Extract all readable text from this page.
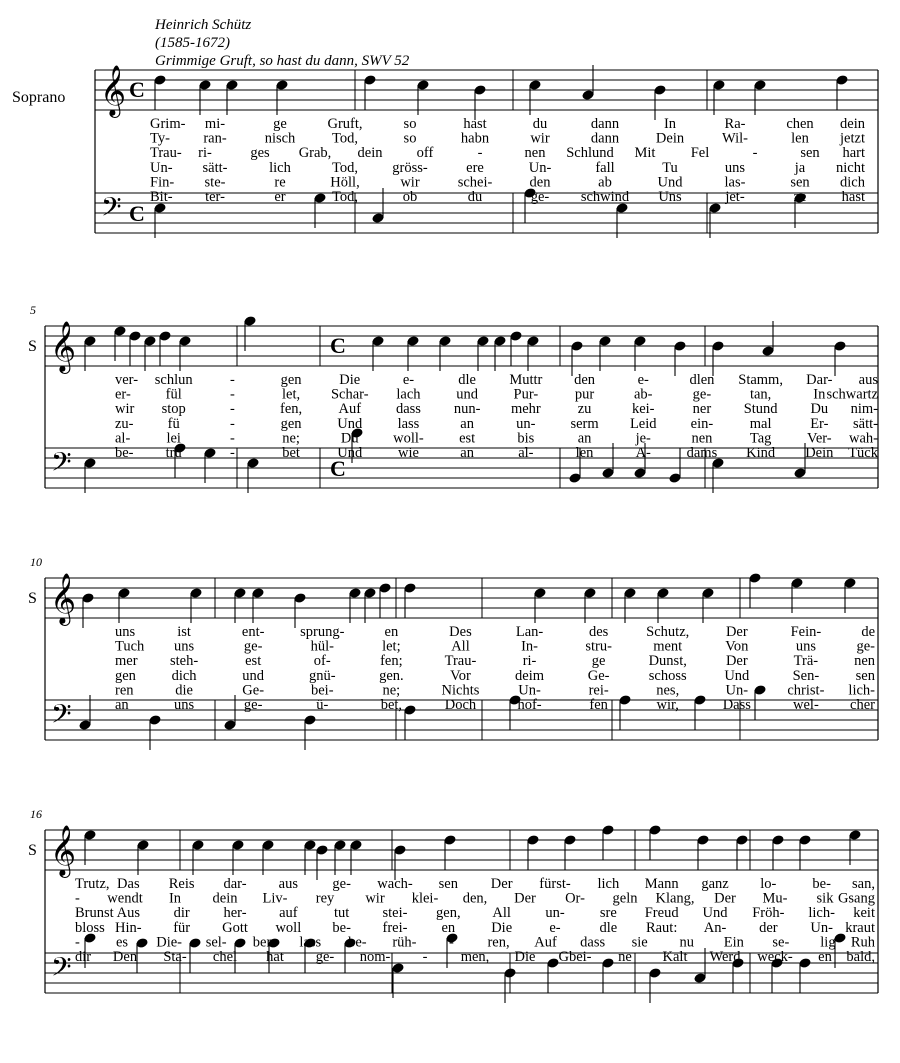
Heinrich Schütz
(1585-1672)
Grimmige Gruft, so hast du dann, SWV 52
𝄞
𝄢
C
C
Soprano
Grim- mi-	ge	Gruft,	so	hast	du	dann	In	Ra-	chen dein
Ty- ran-	nisch	Tod,	so	habn	wir	dann	Dein	Wil-	len jetzt
Trau- ri-	ges Grab, dein off	-	nen Schlund Mit Fel	-	sen hart
Un- sätt-	lich	Tod, gröss-	ere	Un-	fall	Tu	uns	ja nicht
Fin- ste-	re	Höll,	wir	schei-	den	ab	Und	las-	sen dich
Bit- ter-	er	Tod,	ob	du	ge- schwind Uns	jet-	ze hast
𝄞
𝄢
C
C
S
5
ver- schlun	-	gen	Die	e-	dle Muttr den	e-	dlen Stamm, Dar- aus
er- fül	-	let, Schar- lach und Pur-	pur	ab-	ge-	tan,	In schwartz
wir stop	-	fen,	Auf dass nun- mehr	zu	kei-	ner Stund Du nim-
zu- fü	-	gen Und lass	an	un- serm Leid ein-	mal	Er- sätt-
al- lei	-	ne;	Du woll- est	bis	an	je-	nen	Tag Ver- wah-
be- trü	-	bet	Und wie	an	al-	len	A- dams Kind Dein Tück
𝄞
𝄢
S
10
uns	ist	ent- sprung-	en	Des	Lan-	des	Schutz,	Der	Fein-	de
Tuch uns	ge-	hül-	let;	All	In-	stru-	ment	Von	uns	ge-
mer steh-	est	of-	fen;	Trau-	ri-	ge	Dunst,	Der	Trä- nen
gen dich	und	gnü-	gen.	Vor	deim	Ge-	schoss	Und	Sen-	sen
ren	die	Ge-	bei-	ne;	Nichts	Un-	rei-	nes,	Un-	christ- lich-
an	uns	ge-	ü-	bet,	Doch	hof-	fen	wir,	Dass	wel- cher
𝄞
𝄢
S
16
Trutz, Das Reis dar- aus ge- wach- sen Der fürst- lich Mann ganz lo- be- san,
- wendt In dein Liv- rey wir klei- den, Der Or- geln Klang, Der Mu- sik Gsang
Brunst Aus dir her- auf	tut stei- gen, All un- sre Freud Und Fröh- lich- keit
bloss Hin- für Gott woll be- frei- en Die	e-	dle Raut: An- der Un- kraut
- es Die- sel- ben lass be- rüh- - ren, Auf dass sie nu Ein se- lig Ruh
dir Den Sta- chel hat ge- nom- - men, Die Gbei- ne Kalt Werd weck- en bald,
